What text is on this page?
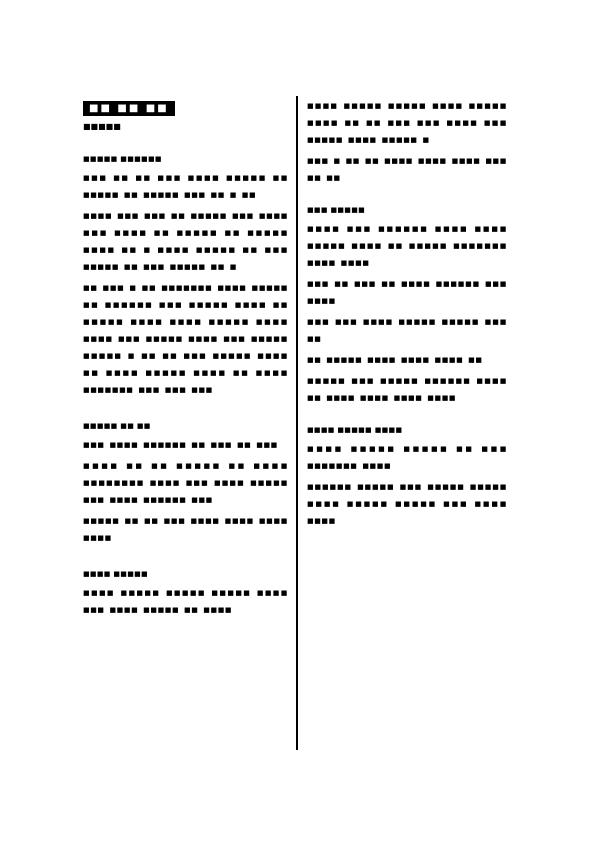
■■ ■■ ■■
■■■■■
■■■■■ ■■■■■■

■■■ ■■ ■■ ■■■ ■■■■ ■■■■■ ■■ ■■■■■ ■■ ■■■■■ ■■■ ■■ ■ ■■

■■■■ ■■■ ■■■ ■■ ■■■■■ ■■■ ■■■■ ■■■ ■■■■ ■■ ■■■■■ ■■ ■■■■■ ■■■■ ■■ ■ ■■■■ ■■■■■ ■■ ■■■ ■■■■■ ■■ ■■■ ■■■■■ ■■ ■

■■ ■■■ ■ ■■ ■■■■■■■ ■■■■ ■■■■■ ■■ ■■■■■■ ■■■ ■■■■■ ■■■■ ■■ ■■■■■ ■■■■ ■■■■ ■■■■■ ■■■■ ■■■■ ■■■ ■■■■■ ■■■■ ■■■ ■■■■■ ■■■■■ ■ ■■ ■■ ■■■ ■■■■■ ■■■■ ■■ ■■■■ ■■■■■ ■■■■ ■■ ■■■■ ■■■■■■■ ■■■ ■■■ ■■■

■■■■■ ■■ ■■

■■■ ■■■■ ■■■■■■ ■■ ■■■ ■■ ■■■

■■■■ ■■ ■■ ■■■■■ ■■ ■■■■ ■■■■■■■■ ■■■■ ■■■ ■■■■ ■■■■■ ■■■ ■■■■ ■■■■■■ ■■■

■■■■■ ■■ ■■ ■■■ ■■■■ ■■■■ ■■■■ ■■■■

■■■■ ■■■■■

■■■■ ■■■■■ ■■■■■ ■■■■■ ■■■■ ■■■ ■■■■ ■■■■■ ■■ ■■■■

■■■■ ■■■■■ ■■■■■ ■■■■ ■■■■■ ■■■■ ■■ ■■ ■■■ ■■■ ■■■■ ■■■ ■■■■■ ■■■■ ■■■■■ ■

■■■ ■ ■■ ■■ ■■■■ ■■■■ ■■■■ ■■■ ■■ ■■

■■■ ■■■■■

■■■■ ■■■ ■■■■■■ ■■■■ ■■■■ ■■■■■ ■■■■ ■■ ■■■■■ ■■■■■■■ ■■■■ ■■■■

■■■ ■■ ■■■ ■■ ■■■■ ■■■■■■ ■■■ ■■■■

■■■ ■■■ ■■■■ ■■■■■ ■■■■■ ■■■ ■■

■■ ■■■■■ ■■■■ ■■■■ ■■■■ ■■

■■■■■ ■■■ ■■■■■ ■■■■■■ ■■■■ ■■ ■■■■ ■■■■ ■■■■ ■■■■

■■■■ ■■■■■ ■■■■

■■■■ ■■■■■ ■■■■■ ■■ ■■■ ■■■■■■■ ■■■■

■■■■■■ ■■■■■ ■■■ ■■■■■ ■■■■■ ■■■■ ■■■■■ ■■■■■ ■■■ ■■■■ ■■■■
